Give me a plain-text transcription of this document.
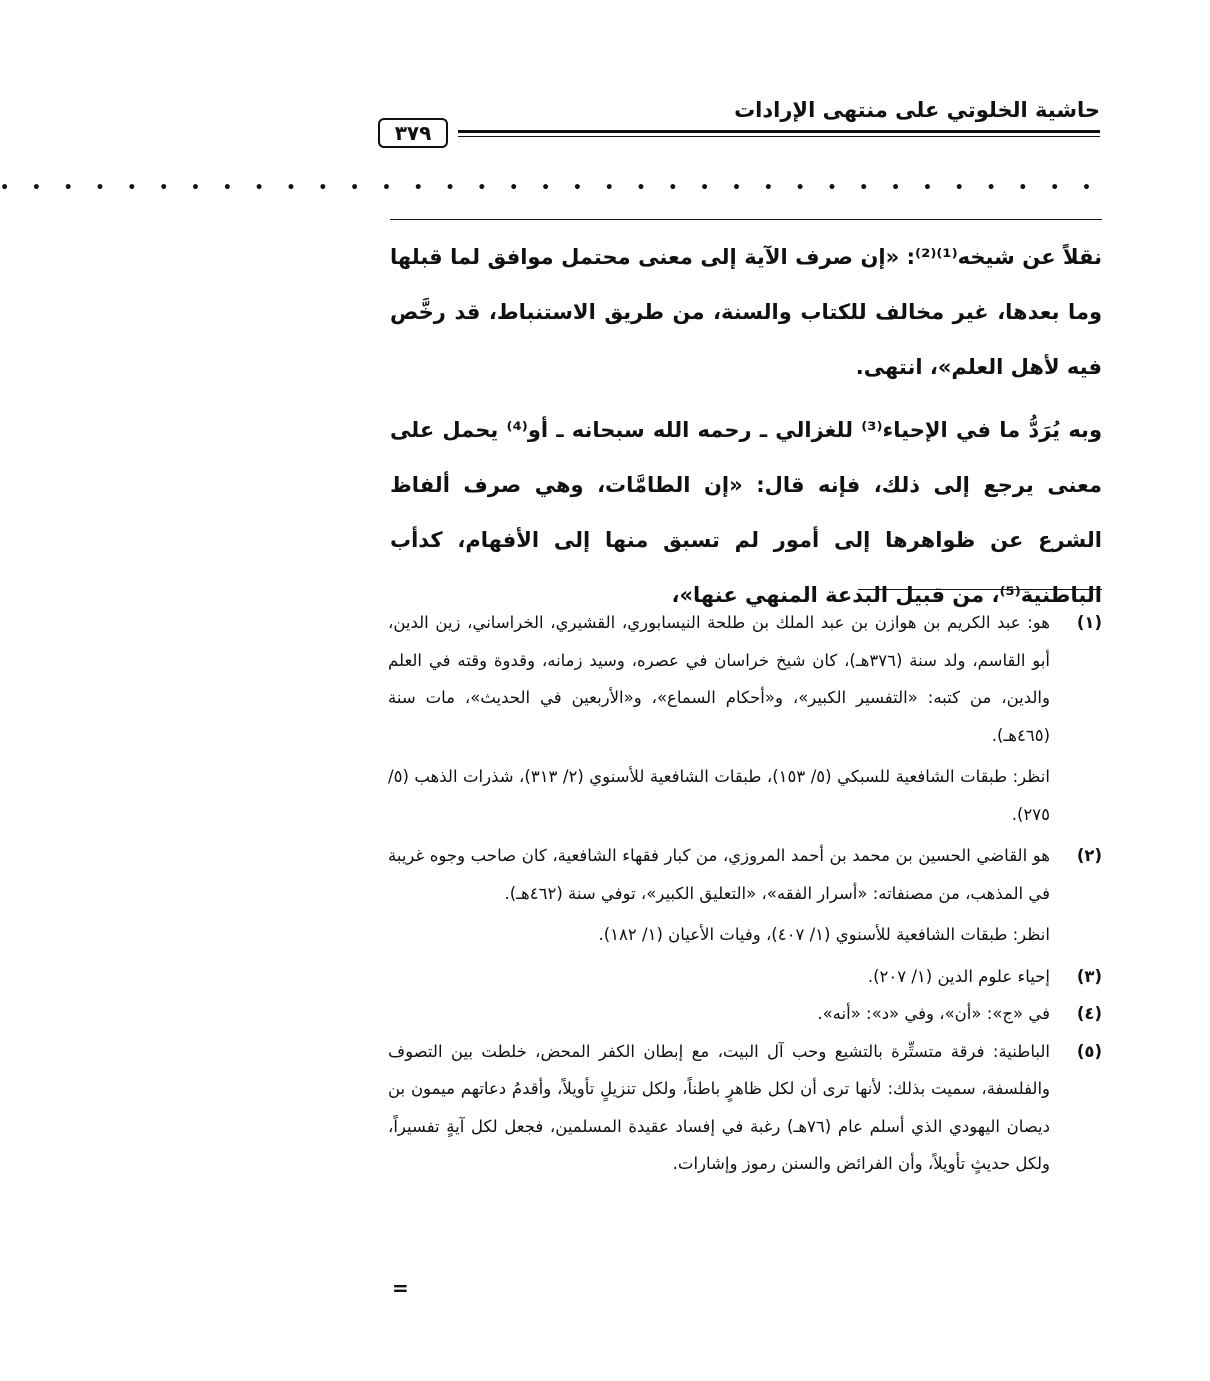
حاشية الخلوتي على منتهى الإرادات
٣٧٩
• • • • • • • • • • • • • • • • • • • • • • • • • • • • • • • • • • •

نقلاً عن شيخه⁽¹⁾⁽²⁾: «إن صرف الآية إلى معنى محتمل موافق لما قبلها وما بعدها، غير مخالف للكتاب والسنة، من طريق الاستنباط، قد رخَّص فيه لأهل العلم»، انتهى.

وبه يُرَدُّ ما في الإحياء⁽³⁾ للغزالي ـ رحمه الله سبحانه ـ أو⁽⁴⁾ يحمل على معنى يرجع إلى ذلك، فإنه قال: «إن الطامَّات، وهي صرف ألفاظ الشرع عن ظواهرها إلى أمور لم تسبق منها إلى الأفهام، كدأب الباطنية⁽⁵⁾، من قبيل البدعة المنهي عنها»،

(١)
هو: عبد الكريم بن هوازن بن عبد الملك بن طلحة النيسابوري، القشيري، الخراساني، زين الدين، أبو القاسم، ولد سنة (٣٧٦هـ)، كان شيخ خراسان في عصره، وسيد زمانه، وقدوة وقته في العلم والدين، من كتبه: «التفسير الكبير»، و«أحكام السماع»، و«الأربعين في الحديث»، مات سنة (٤٦٥هـ).
انظر: طبقات الشافعية للسبكي (٥/ ١٥٣)، طبقات الشافعية للأسنوي (٢/ ٣١٣)، شذرات الذهب (٥/ ٢٧٥).
(٢)
هو القاضي الحسين بن محمد بن أحمد المروزي، من كبار فقهاء الشافعية، كان صاحب وجوه غريبة في المذهب، من مصنفاته: «أسرار الفقه»، «التعليق الكبير»، توفي سنة (٤٦٢هـ).
انظر: طبقات الشافعية للأسنوي (١/ ٤٠٧)، وفيات الأعيان (١/ ١٨٢).
(٣)
إحياء علوم الدين (١/ ٢٠٧).
(٤)
في «ج»: «أن»، وفي «د»: «أنه».
(٥)
الباطنية: فرقة متستِّرة بالتشيع وحب آل البيت، مع إبطان الكفر المحض، خلطت بين التصوف والفلسفة، سميت بذلك: لأنها ترى أن لكل ظاهرٍ باطناً، ولكل تنزيلٍ تأويلاً، وأقدمُ دعاتهم ميمون بن ديصان اليهودي الذي أسلم عام (٧٦هـ) رغبة في إفساد عقيدة المسلمين، فجعل لكل آيةٍ تفسيراً، ولكل حديثٍ تأويلاً، وأن الفرائض والسنن رموز وإشارات.
=
